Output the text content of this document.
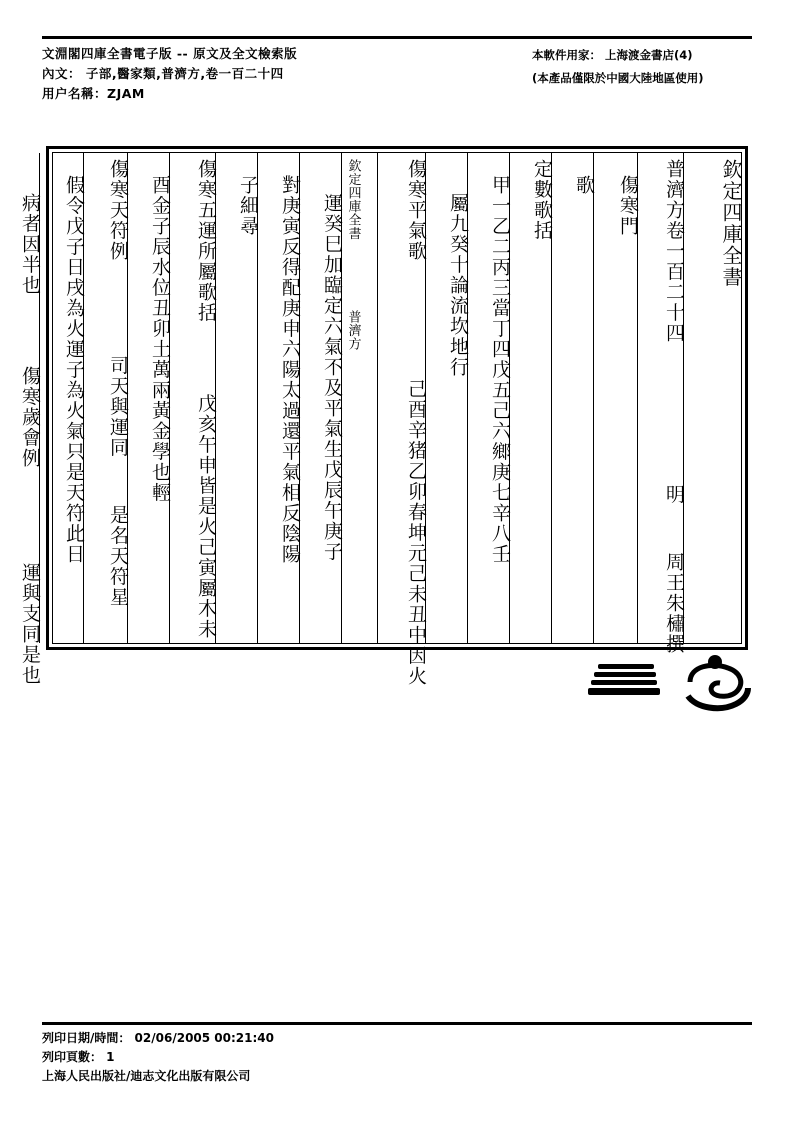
文淵閣四庫全書電子版 -- 原文及全文檢索版
內文： 子部,醫家類,普濟方,卷一百二十四
用户名稱：ZJAM
本軟件用家： 上海渡金書店(4)
(本產品僅限於中國大陸地區使用)
欽定四庫全書
普濟方卷一百二十四      明  周王朱橚撰
傷寒門
歌
定數歌括
甲一乙二丙三當丁四戊五己六鄉庚七辛八壬
屬九癸十論流坎地行
傷寒平氣歌     己酉辛猪乙卯春坤元己未丑中因火
欽定四庫全書
普濟方
運癸巳加臨定六氣不及平氣生戊辰午庚子
對庚寅反得配庚申六陽太過還平氣相反陰陽
子細尋
傷寒五運所屬歌括   戊亥午申皆是火己寅屬木未
酉金子辰水位丑卯土萬兩黃金學也輕
傷寒天符例    司天與運同  是名天符星
假令戊子日戌為火運子為火氣只是天符此日
病者因半也   傷寒歲會例    運與支同是也
列印日期/時間： 02/06/2005 00:21:40
列印頁數： 1
上海人民出版社/迪志文化出版有限公司
